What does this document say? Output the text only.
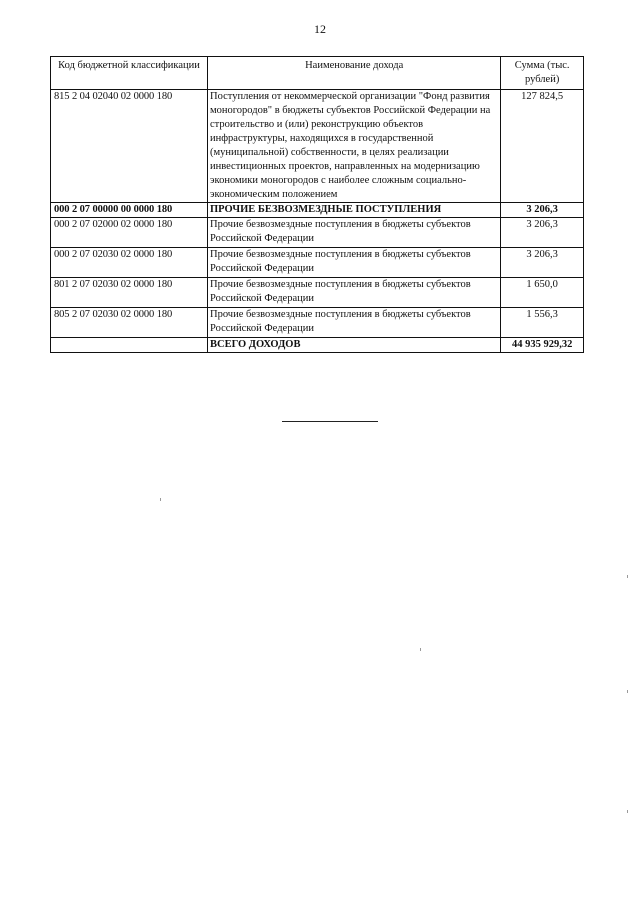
12
Код бюджетной классификации	Наименование дохода	Сумма (тыс. рублей)
815 2 04 02040 02 0000 180	Поступления от некоммерческой организации "Фонд развития моногородов" в бюджеты субъектов Российской Федерации на строительство и (или) реконструкцию объектов инфраструктуры, находящихся в государственной (муниципальной) собственности, в целях реализации инвестиционных проектов, направленных на модернизацию экономики моногородов с наиболее сложным социально-экономическим положением	127 824,5
000 2 07 00000 00 0000 180	ПРОЧИЕ БЕЗВОЗМЕЗДНЫЕ ПОСТУПЛЕНИЯ	3 206,3
000 2 07 02000 02 0000 180	Прочие безвозмездные поступления в бюджеты субъектов Российской Федерации	3 206,3
000 2 07 02030 02 0000 180	Прочие безвозмездные поступления в бюджеты субъектов Российской Федерации	3 206,3
801 2 07 02030 02 0000 180	Прочие безвозмездные поступления в бюджеты субъектов Российской Федерации	1 650,0
805 2 07 02030 02 0000 180	Прочие безвозмездные поступления в бюджеты субъектов Российской Федерации	1 556,3
	ВСЕГО ДОХОДОВ	44 935 929,32
